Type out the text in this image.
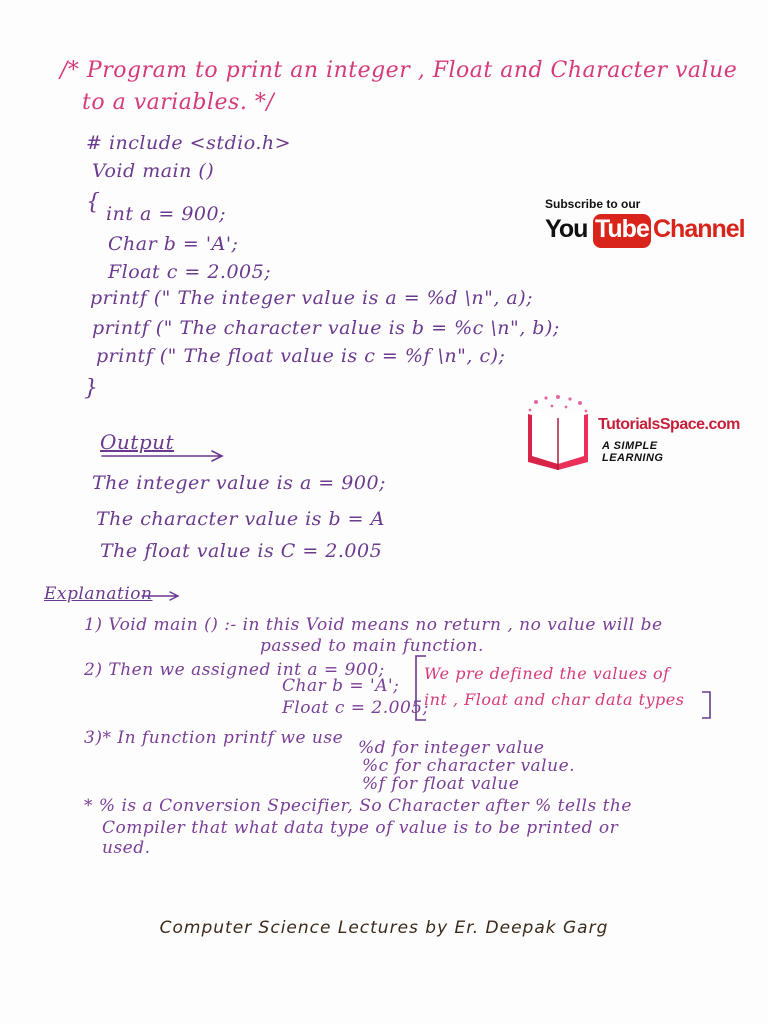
/* Program to print an integer , Float and Character value
to a variables. */
# include <stdio.h>
Void main ()
{ int a = 900;
Char b = 'A';
Float c = 2.005;
printf (" The integer value is a = %d \n", a);
printf (" The character value is b = %c \n", b);
printf (" The float value is c = %f \n", c);
}
Subscribe to our
You Tube Channel
Output
TutorialsSpace.com
A SIMPLE LEARNING
The integer value is a = 900;
The character value is b = A
The float value is C = 2.005
Explanation
1) Void main () :- in this Void means no return , no value will be
passed to main function.
2) Then we assigned int a = 900;
Char b = 'A';
Float c = 2.005;
We pre defined the values of
int , Float and char data types
3)* In function printf we use %d for integer value
%c for character value.
%f for float value
* % is a Conversion Specifier, So Character after % tells the
Compiler that what data type of value is to be printed or
used.
Computer Science Lectures by Er. Deepak Garg
